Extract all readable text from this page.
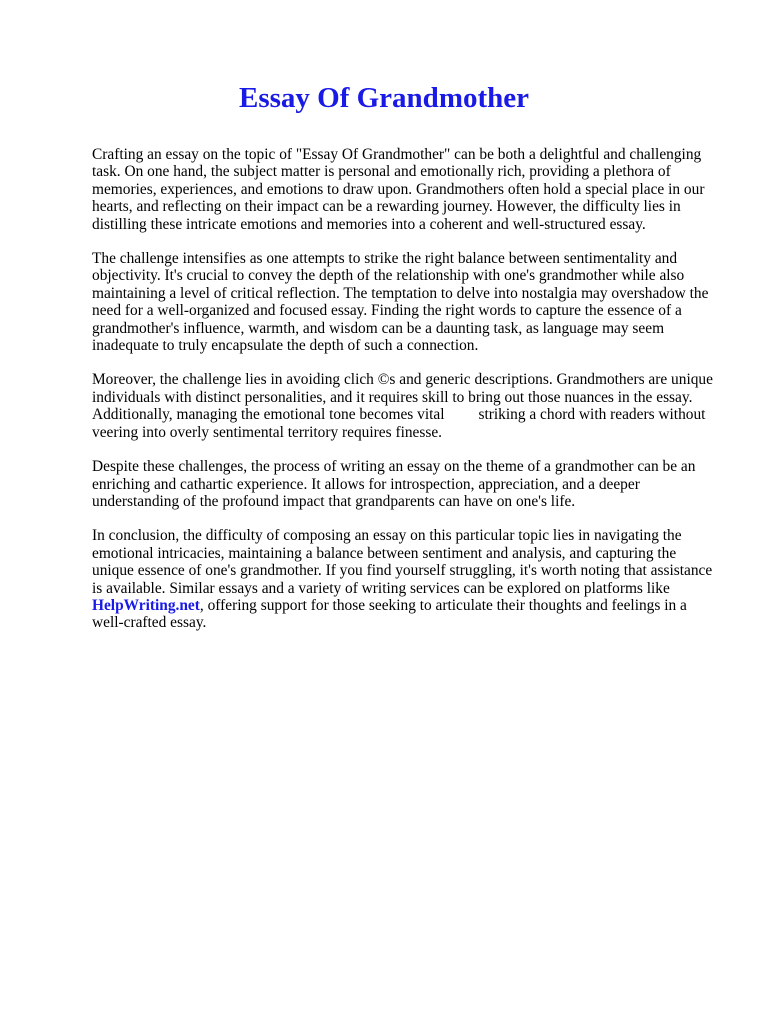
Essay Of Grandmother

Crafting an essay on the topic of "Essay Of Grandmother" can be both a delightful and challenging
task. On one hand, the subject matter is personal and emotionally rich, providing a plethora of
memories, experiences, and emotions to draw upon. Grandmothers often hold a special place in our
hearts, and reflecting on their impact can be a rewarding journey. However, the difficulty lies in
distilling these intricate emotions and memories into a coherent and well-structured essay.

The challenge intensifies as one attempts to strike the right balance between sentimentality and
objectivity. It's crucial to convey the depth of the relationship with one's grandmother while also
maintaining a level of critical reflection. The temptation to delve into nostalgia may overshadow the
need for a well-organized and focused essay. Finding the right words to capture the essence of a
grandmother's influence, warmth, and wisdom can be a daunting task, as language may seem
inadequate to truly encapsulate the depth of such a connection.

Moreover, the challenge lies in avoiding clich ©s and generic descriptions. Grandmothers are unique
individuals with distinct personalities, and it requires skill to bring out those nuances in the essay.
Additionally, managing the emotional tone becomes vital striking a chord with readers without
veering into overly sentimental territory requires finesse.

Despite these challenges, the process of writing an essay on the theme of a grandmother can be an
enriching and cathartic experience. It allows for introspection, appreciation, and a deeper
understanding of the profound impact that grandparents can have on one's life.

In conclusion, the difficulty of composing an essay on this particular topic lies in navigating the
emotional intricacies, maintaining a balance between sentiment and analysis, and capturing the
unique essence of one's grandmother. If you find yourself struggling, it's worth noting that assistance
is available. Similar essays and a variety of writing services can be explored on platforms like
HelpWriting.net, offering support for those seeking to articulate their thoughts and feelings in a
well-crafted essay.
